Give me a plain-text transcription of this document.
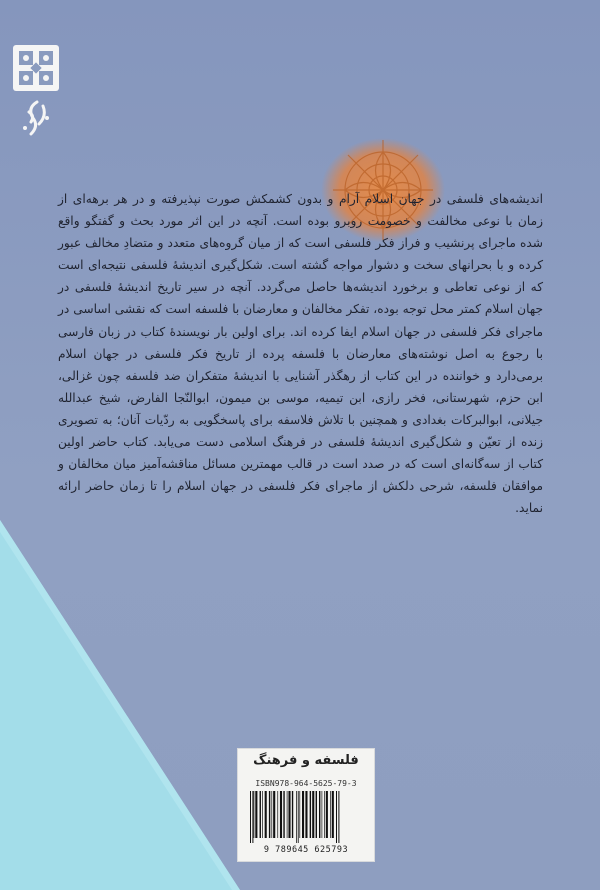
اندیشه‌های فلسفی در جهان اسلام آرام و بدون کشمکش صورت نپذیرفته و در هر برهه‌ای از زمان با نوعی مخالفت و خصومت روبرو بوده است. آنچه در این اثر مورد بحث و گفتگو واقع شده ماجرای پرنشیب و فراز فکر فلسفی است که از میان گروه‌های متعدد و متضادِ مخالف عبور کرده و با بحرانهای سخت و دشوار مواجه گشته است. شکل‌گیری اندیشهٔ فلسفی نتیجه‌ای است که از نوعی تعاطی و برخورد اندیشه‌ها حاصل می‌گردد. آنچه در سیر تاریخ اندیشهٔ فلسفی در جهان اسلام کمتر محل توجه بوده، تفکر مخالفان و معارضان با فلسفه است که نقشی اساسی در ماجرای فکر فلسفی در جهان اسلام ایفا کرده اند. برای اولین بار نویسندهٔ کتاب در زبان فارسی با رجوع به اصل نوشته‌های معارضان با فلسفه پرده از تاریخ فکر فلسفی در جهان اسلام برمی‌دارد و خواننده در این کتاب از رهگذر آشنایی با اندیشهٔ متفکران ضد فلسفه چون غزالی، ابن حزم، شهرستانی، فخر رازی، ابن تیمیه، موسی بن میمون، ابوالنّجا الفارض، شیخ عبدالله جیلانی، ابوالبرکات بغدادی و همچنین با تلاش فلاسفه برای پاسخگویی به ردّیات آنان؛ به تصویری زنده از تعیّن و شکل‌گیری اندیشهٔ فلسفی در فرهنگ اسلامی دست می‌یابد. کتاب حاضر اولین کتاب از سه‌گانه‌ای است که در صدد است در قالب مهمترین مسائل مناقشه‌آمیز میان مخالفان و موافقان فلسفه، شرحی دلکش از ماجرای فکر فلسفی در جهان اسلام را تا زمان حاضر ارائه نماید.

فلسفه و فرهنگ
ISBN978-964-5625-79-3
9 789645 625793
